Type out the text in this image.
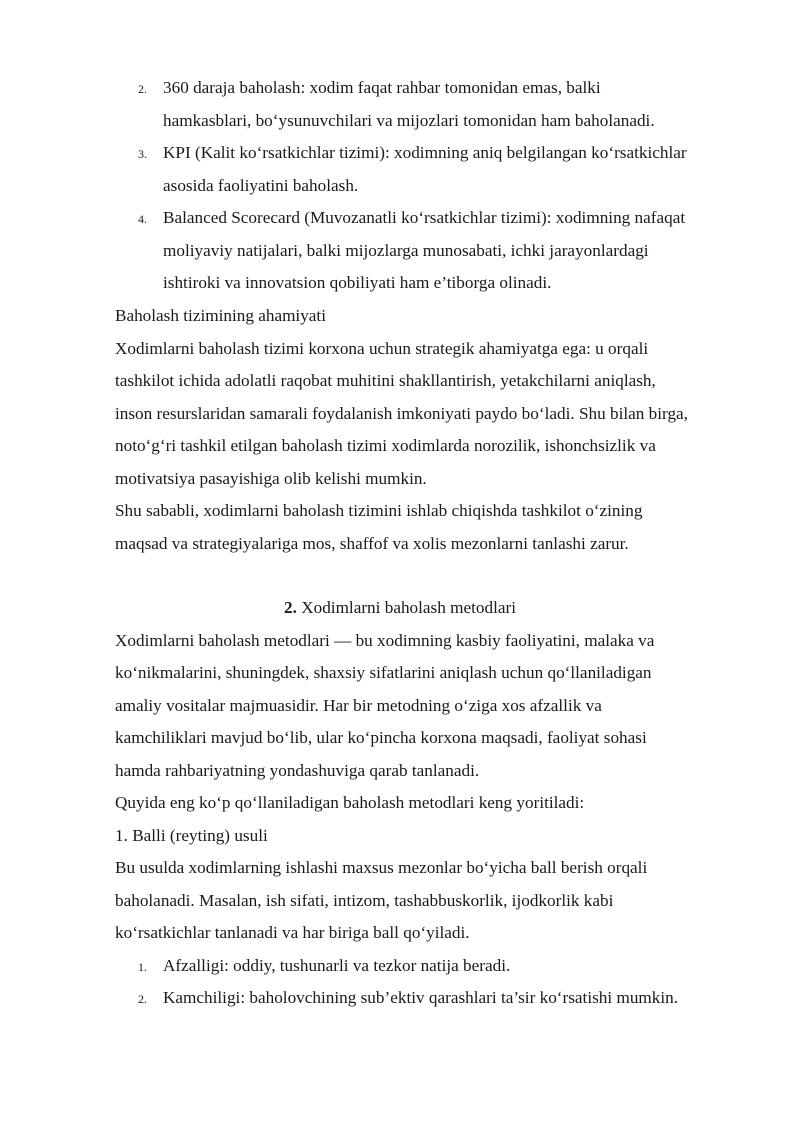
2. 360 daraja baholash: xodim faqat rahbar tomonidan emas, balki
hamkasblari, bo‘ysunuvchilari va mijozlari tomonidan ham baholanadi.
3. KPI (Kalit ko‘rsatkichlar tizimi): xodimning aniq belgilangan ko‘rsatkichlar
asosida faoliyatini baholash.
4. Balanced Scorecard (Muvozanatli ko‘rsatkichlar tizimi): xodimning nafaqat
moliyaviy natijalari, balki mijozlarga munosabati, ichki jarayonlardagi
ishtiroki va innovatsion qobiliyati ham e’tiborga olinadi.
Baholash tizimining ahamiyati
Xodimlarni baholash tizimi korxona uchun strategik ahamiyatga ega: u orqali
tashkilot ichida adolatli raqobat muhitini shakllantirish, yetakchilarni aniqlash,
inson resurslaridan samarali foydalanish imkoniyati paydo bo‘ladi. Shu bilan birga,
noto‘g‘ri tashkil etilgan baholash tizimi xodimlarda norozilik, ishonchsizlik va
motivatsiya pasayishiga olib kelishi mumkin.
Shu sababli, xodimlarni baholash tizimini ishlab chiqishda tashkilot o‘zining
maqsad va strategiyalariga mos, shaffof va xolis mezonlarni tanlashi zarur.
2. Xodimlarni baholash metodlari
Xodimlarni baholash metodlari — bu xodimning kasbiy faoliyatini, malaka va
ko‘nikmalarini, shuningdek, shaxsiy sifatlarini aniqlash uchun qo‘llaniladigan
amaliy vositalar majmuasidir. Har bir metodning o‘ziga xos afzallik va
kamchiliklari mavjud bo‘lib, ular ko‘pincha korxona maqsadi, faoliyat sohasi
hamda rahbariyatning yondashuviga qarab tanlanadi.
Quyida eng ko‘p qo‘llaniladigan baholash metodlari keng yoritiladi:
1. Balli (reyting) usuli
Bu usulda xodimlarning ishlashi maxsus mezonlar bo‘yicha ball berish orqali
baholanadi. Masalan, ish sifati, intizom, tashabbuskorlik, ijodkorlik kabi
ko‘rsatkichlar tanlanadi va har biriga ball qo‘yiladi.
1. Afzalligi: oddiy, tushunarli va tezkor natija beradi.
2. Kamchiligi: baholovchining sub’ektiv qarashlari ta’sir ko‘rsatishi mumkin.
